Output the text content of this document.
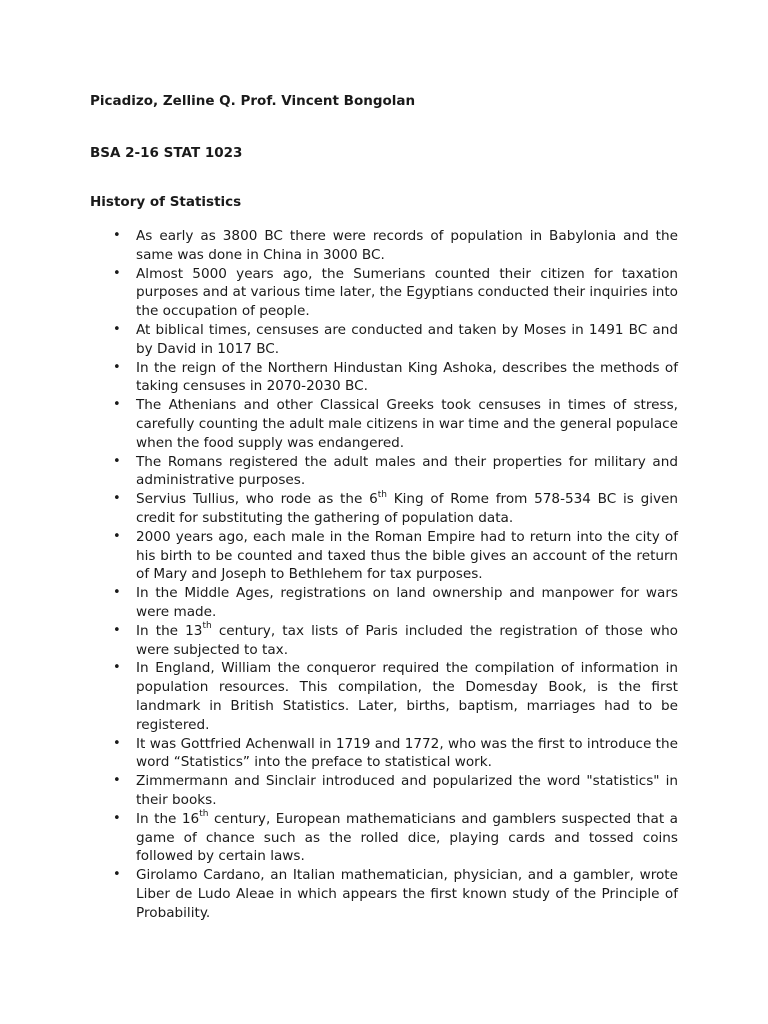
Picadizo, Zelline Q. Prof. Vincent Bongolan
BSA 2-16 STAT 1023
History of Statistics
• As early as 3800 BC there were records of population in Babylonia and the same was done in China in 3000 BC.
• Almost 5000 years ago, the Sumerians counted their citizen for taxation purposes and at various time later, the Egyptians conducted their inquiries into the occupation of people.
• At biblical times, censuses are conducted and taken by Moses in 1491 BC and by David in 1017 BC.
• In the reign of the Northern Hindustan King Ashoka, describes the methods of taking censuses in 2070-2030 BC.
• The Athenians and other Classical Greeks took censuses in times of stress, carefully counting the adult male citizens in war time and the general populace when the food supply was endangered.
• The Romans registered the adult males and their properties for military and administrative purposes.
• Servius Tullius, who rode as the 6th King of Rome from 578-534 BC is given credit for substituting the gathering of population data.
• 2000 years ago, each male in the Roman Empire had to return into the city of his birth to be counted and taxed thus the bible gives an account of the return of Mary and Joseph to Bethlehem for tax purposes.
• In the Middle Ages, registrations on land ownership and manpower for wars were made.
• In the 13th century, tax lists of Paris included the registration of those who were subjected to tax.
• In England, William the conqueror required the compilation of information in population resources. This compilation, the Domesday Book, is the first landmark in British Statistics. Later, births, baptism, marriages had to be registered.
• It was Gottfried Achenwall in 1719 and 1772, who was the first to introduce the word “Statistics” into the preface to statistical work.
• Zimmermann and Sinclair introduced and popularized the word "statistics" in their books.
• In the 16th century, European mathematicians and gamblers suspected that a game of chance such as the rolled dice, playing cards and tossed coins followed by certain laws.
• Girolamo Cardano, an Italian mathematician, physician, and a gambler, wrote Liber de Ludo Aleae in which appears the first known study of the Principle of Probability.
